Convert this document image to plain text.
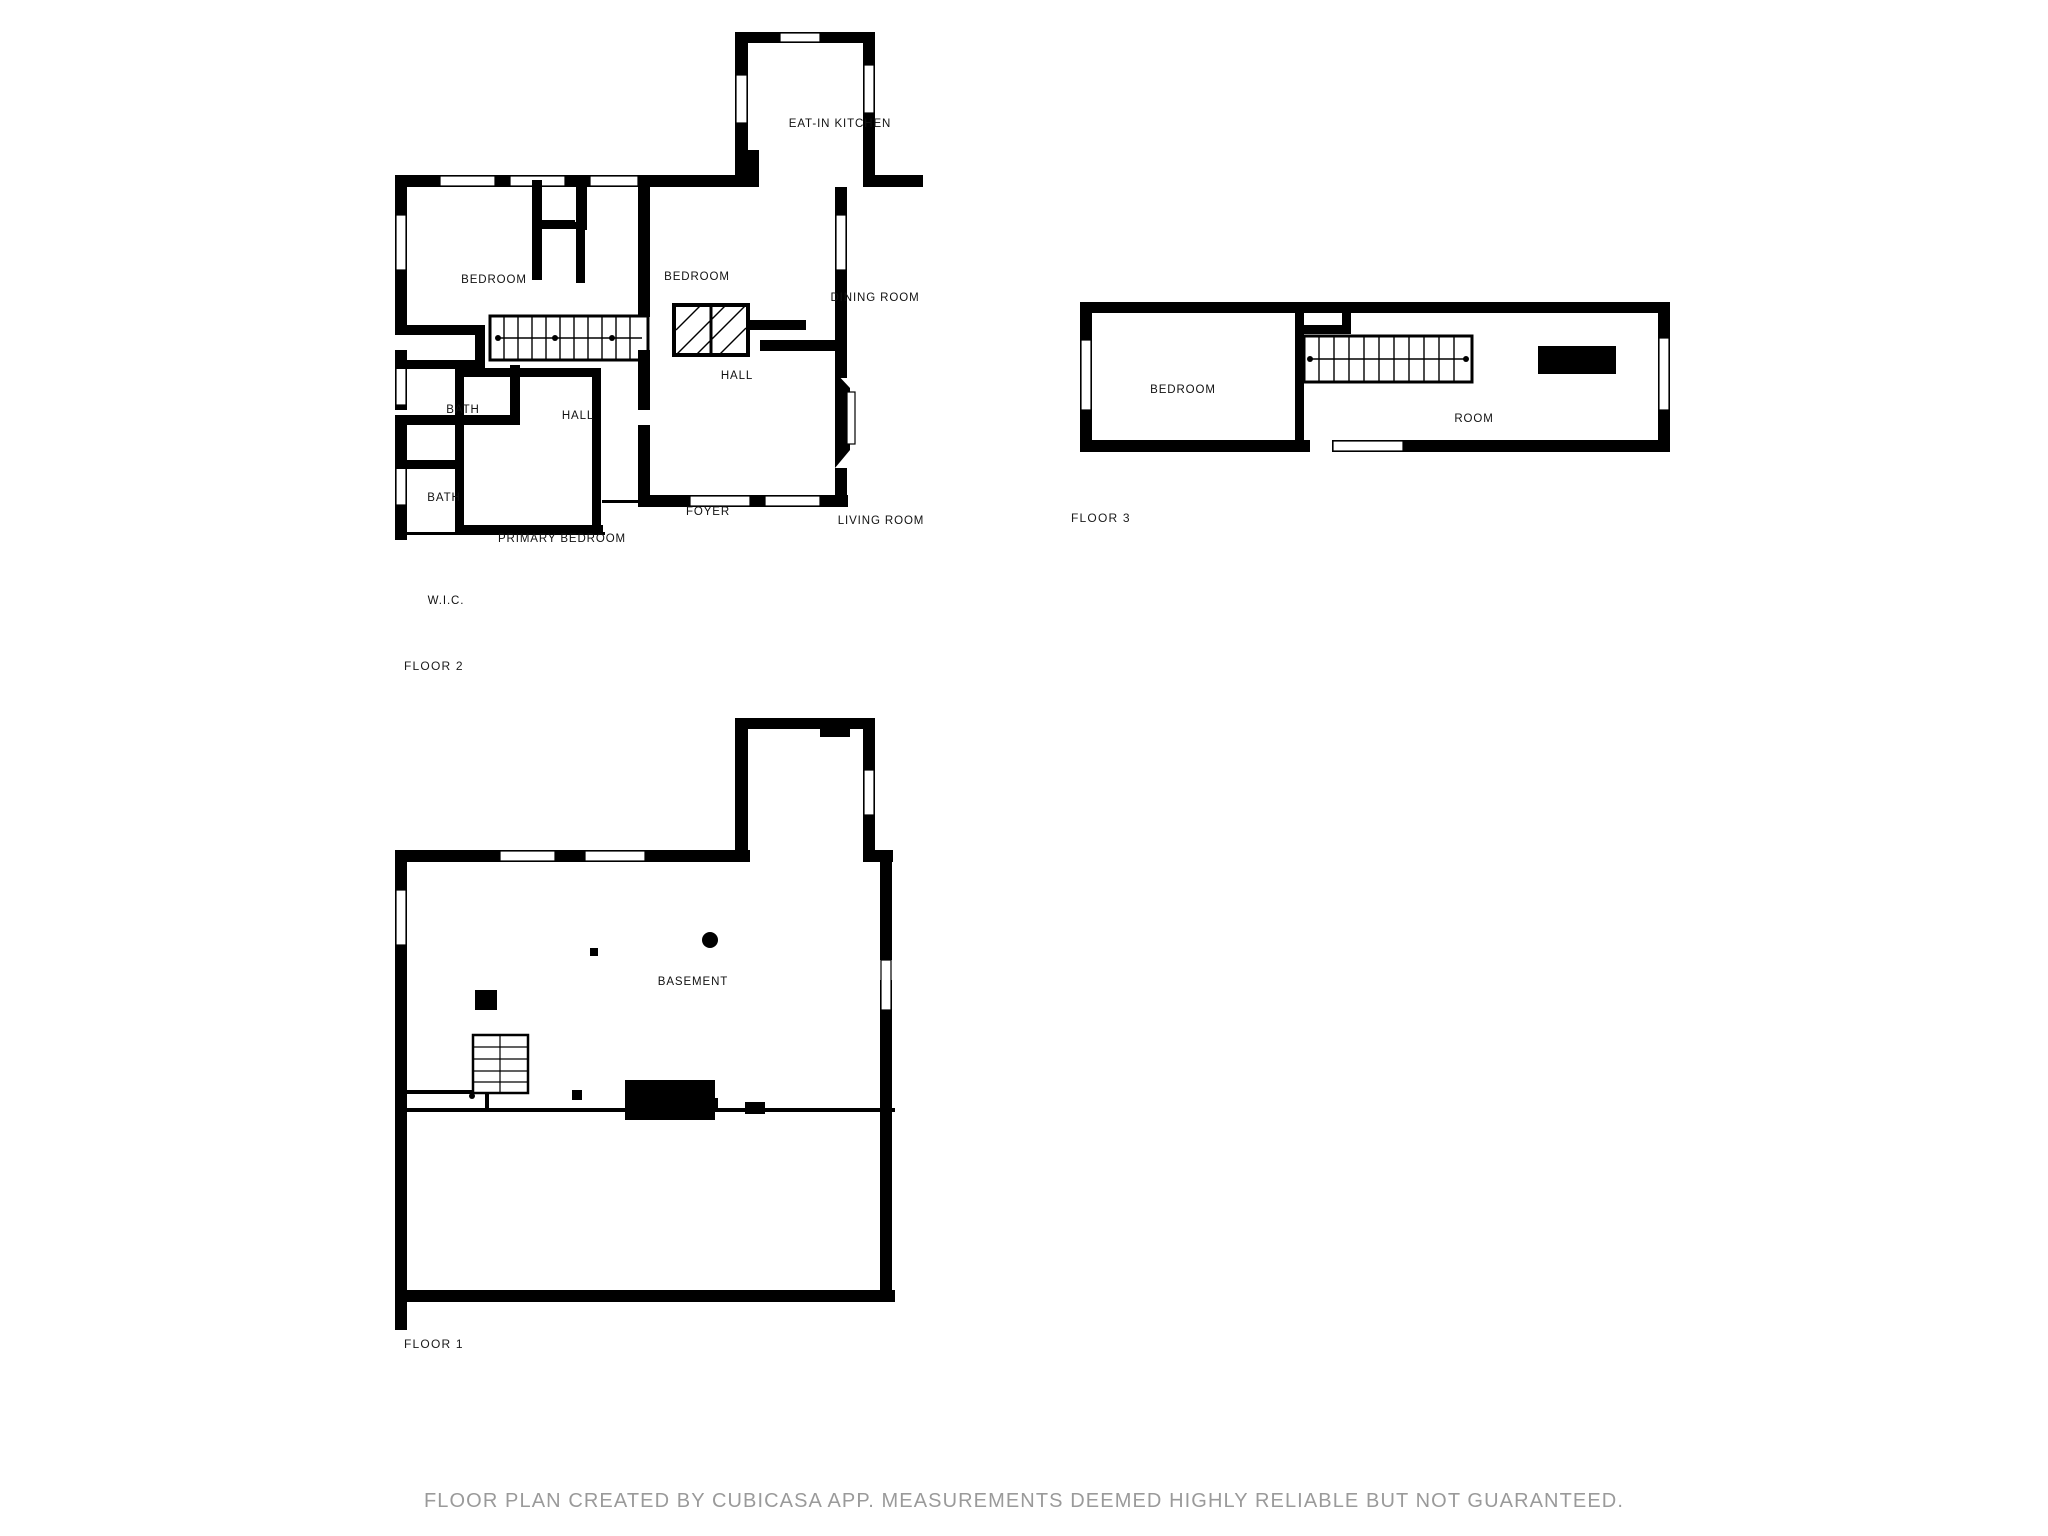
EAT-IN KITCHEN
BEDROOM	BEDROOM
DINING ROOM
HALL
HALL
BATH
BATH
PRIMARY BEDROOM
FOYER
LIVING ROOM
W.I.C.
FLOOR 2
BEDROOM
ROOM
FLOOR 3
BASEMENT
FLOOR 1
FLOOR PLAN CREATED BY CUBICASA APP. MEASUREMENTS DEEMED HIGHLY RELIABLE BUT NOT GUARANTEED.
